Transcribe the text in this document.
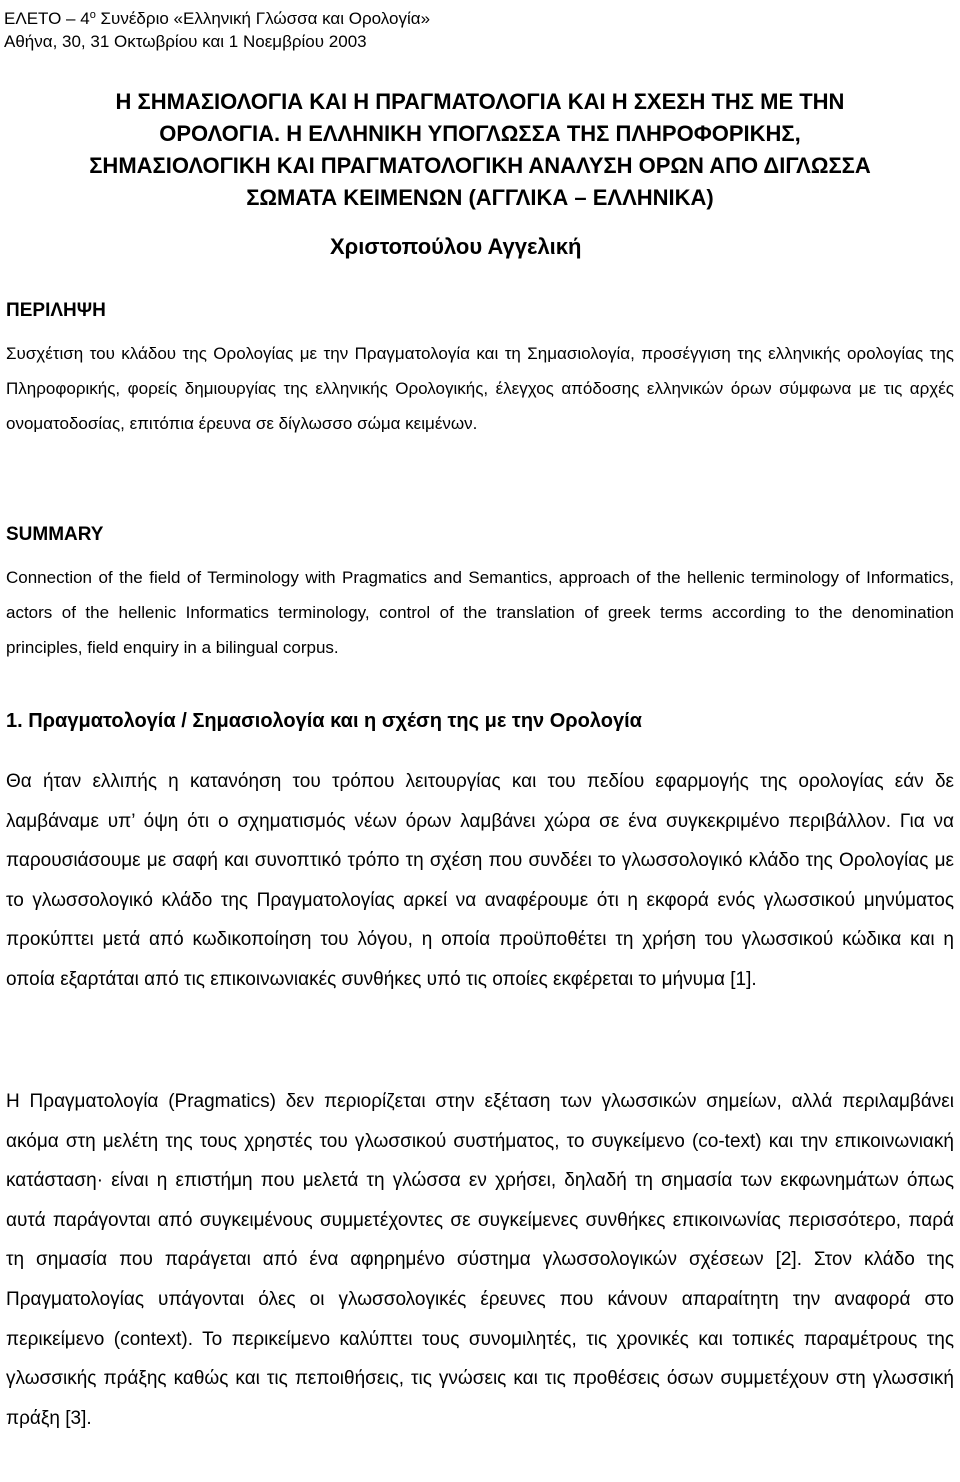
ΕΛΕΤΟ – $4^o$ Συνέδριο «Ελληνική Γλώσσα και Ορολογία»
Αθήνα, 30, 31 Οκτωβρίου και 1 Νοεμβρίου 2003
Η ΣΗΜΑΣΙΟΛΟΓΙΑ ΚΑΙ Η ΠΡΑΓΜΑΤΟΛΟΓΙΑ ΚΑΙ Η ΣΧΕΣΗ ΤΗΣ ΜΕ ΤΗΝ
ΟΡΟΛΟΓΙΑ. Η ΕΛΛΗΝΙΚΗ ΥΠΟΓΛΩΣΣΑ ΤΗΣ ΠΛΗΡΟΦΟΡΙΚΗΣ,
ΣΗΜΑΣΙΟΛΟΓΙΚΗ ΚΑΙ ΠΡΑΓΜΑΤΟΛΟΓΙΚΗ ΑΝΑΛΥΣΗ ΟΡΩΝ ΑΠΟ ΔΙΓΛΩΣΣΑ
ΣΩΜΑΤΑ ΚΕΙΜΕΝΩΝ (ΑΓΓΛΙΚΑ – ΕΛΛΗΝΙΚΑ)
Χριστοπούλου Αγγελική
ΠΕΡΙΛΗΨΗ
Συσχέτιση του κλάδου της Ορολογίας με την Πραγματολογία και τη Σημασιολογία, προσέγγιση της ελληνικής ορολογίας της Πληροφορικής, φορείς δημιουργίας της ελληνικής Ορολογικής, έλεγχος απόδοσης ελληνικών όρων σύμφωνα με τις αρχές ονοματοδοσίας, επιτόπια έρευνα σε δίγλωσσο σώμα κειμένων.
SUMMARY
Connection of the field of Terminology with Pragmatics and Semantics, approach of the hellenic terminology of Informatics, actors of the hellenic Informatics terminology, control of the translation of greek terms according to the denomination principles, field enquiry in a bilingual corpus.
1. Πραγματολογία / Σημασιολογία και η σχέση της με την Ορολογία
Θα ήταν ελλιπής η κατανόηση του τρόπου λειτουργίας και του πεδίου εφαρμογής της ορολογίας εάν δε λαμβάναμε υπ’ όψη ότι ο σχηματισμός νέων όρων λαμβάνει χώρα σε ένα συγκεκριμένο περιβάλλον. Για να παρουσιάσουμε με σαφή και συνοπτικό τρόπο τη σχέση που συνδέει το γλωσσολογικό κλάδο της Ορολογίας με το γλωσσολογικό κλάδο της Πραγματολογίας αρκεί να αναφέρουμε ότι η εκφορά ενός γλωσσικού μηνύματος προκύπτει μετά από κωδικοποίηση του λόγου, η οποία προϋποθέτει τη χρήση του γλωσσικού κώδικα και η οποία εξαρτάται από τις επικοινωνιακές συνθήκες υπό τις οποίες εκφέρεται το μήνυμα [1].
Η Πραγματολογία (Pragmatics) δεν περιορίζεται στην εξέταση των γλωσσικών σημείων, αλλά περιλαμβάνει ακόμα στη μελέτη της τους χρηστές του γλωσσικού συστήματος, το συγκείμενο (co-text) και την επικοινωνιακή κατάσταση· είναι η επιστήμη που μελετά τη γλώσσα εν χρήσει, δηλαδή τη σημασία των εκφωνημάτων όπως αυτά παράγονται από συγκειμένους συμμετέχοντες σε συγκείμενες συνθήκες επικοινωνίας περισσότερο, παρά τη σημασία που παράγεται από ένα αφηρημένο σύστημα γλωσσολογικών σχέσεων [2]. Στον κλάδο της Πραγματολογίας υπάγονται όλες οι γλωσσολογικές έρευνες που κάνουν απαραίτητη την αναφορά στο περικείμενο (context). Το περικείμενο καλύπτει τους συνομιλητές, τις χρονικές και τοπικές παραμέτρους της γλωσσικής πράξης καθώς και τις πεποιθήσεις, τις γνώσεις και τις προθέσεις όσων συμμετέχουν στη γλωσσική πράξη [3].
